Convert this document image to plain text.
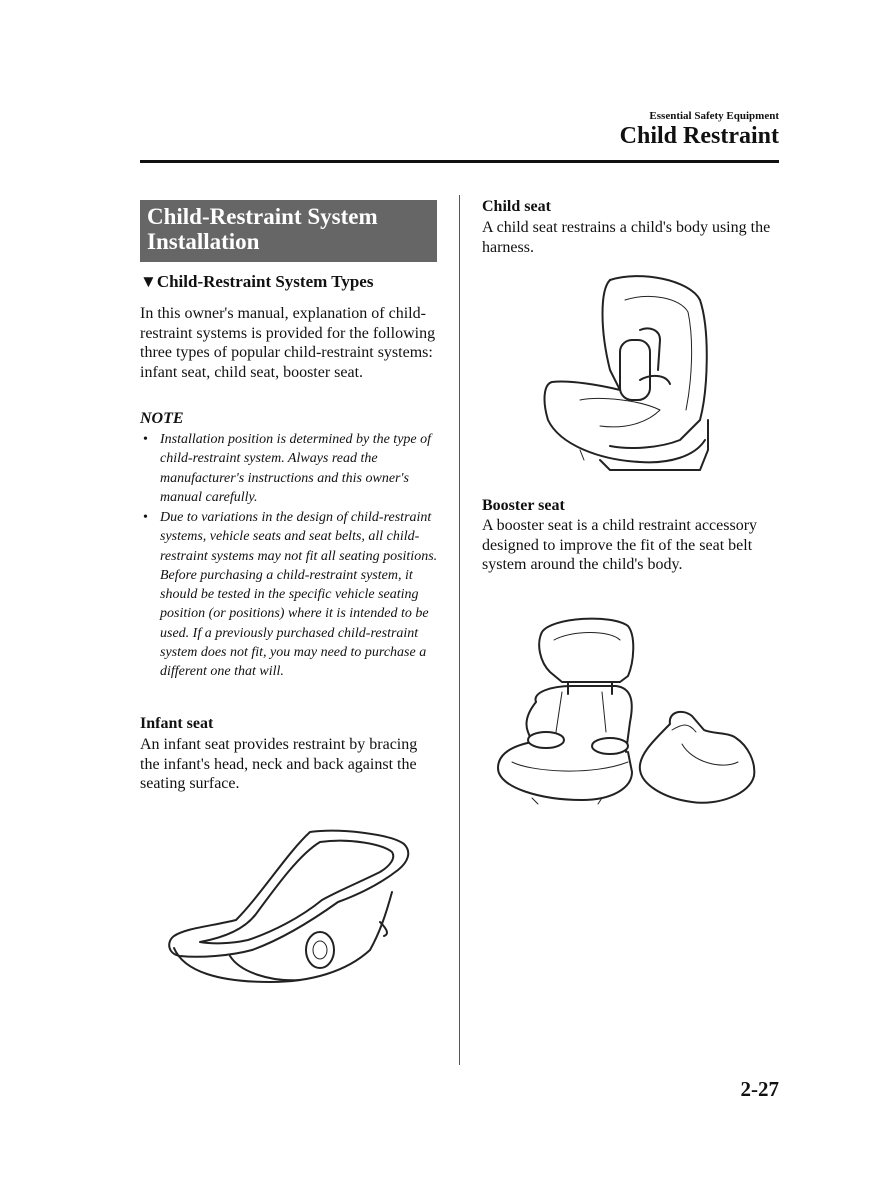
Essential Safety Equipment
Child Restraint
Child-Restraint System Installation
▼Child-Restraint System Types
In this owner's manual, explanation of child-restraint systems is provided for the following three types of popular child-restraint systems: infant seat, child seat, booster seat.
NOTE
• Installation position is determined by the type of child-restraint system. Always read the manufacturer's instructions and this owner's manual carefully.
• Due to variations in the design of child-restraint systems, vehicle seats and seat belts, all child-restraint systems may not fit all seating positions. Before purchasing a child-restraint system, it should be tested in the specific vehicle seating position (or positions) where it is intended to be used. If a previously purchased child-restraint system does not fit, you may need to purchase a different one that will.
Infant seat
An infant seat provides restraint by bracing the infant's head, neck and back against the seating surface.
Child seat
A child seat restrains a child's body using the harness.
Booster seat
A booster seat is a child restraint accessory designed to improve the fit of the seat belt system around the child's body.
2-27
